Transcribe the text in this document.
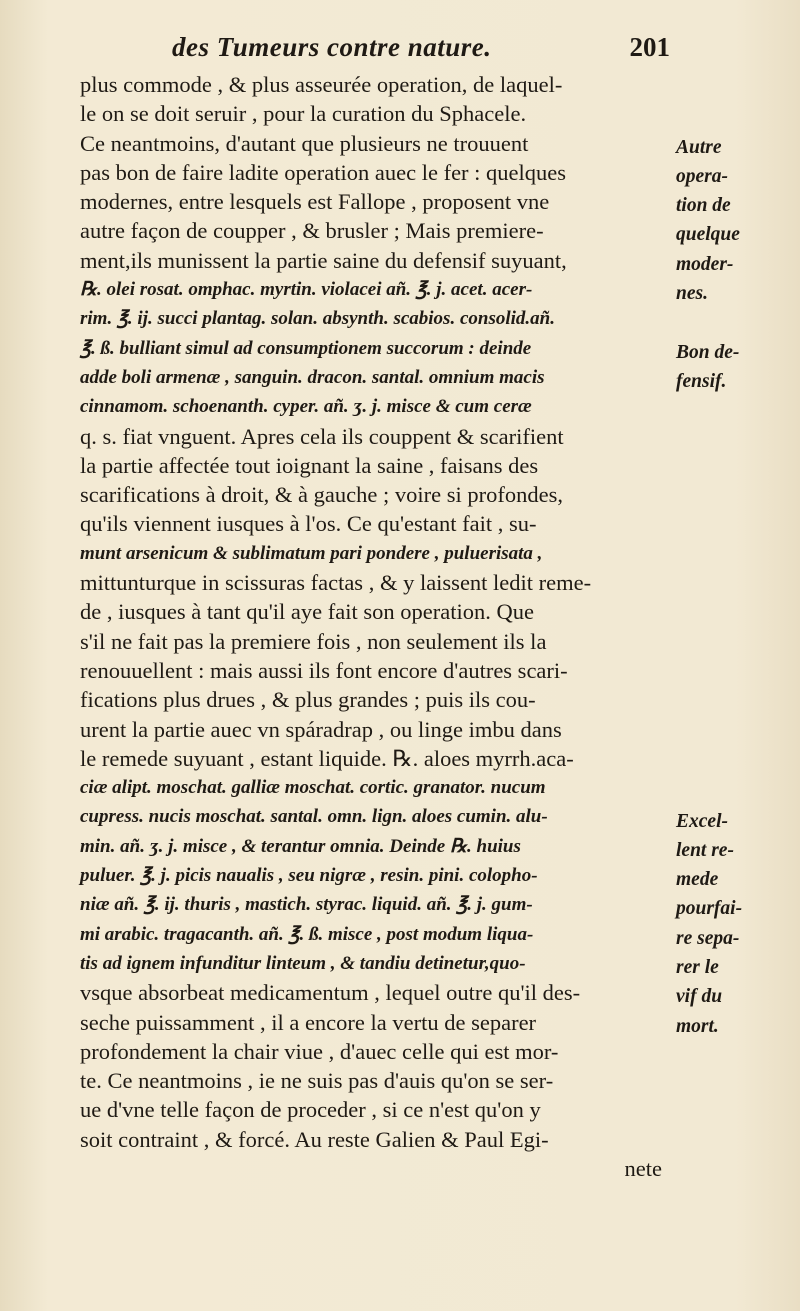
des Tumeurs contre nature.	201
plus commode , & plus asseurée operation, de laquel-
le on se doit seruir , pour la curation du Sphacele.
Ce neantmoins, d'autant que plusieurs ne trouuent
pas bon de faire ladite operation auec le fer : quelques
modernes, entre lesquels est Fallope , proposent vne
autre façon de coupper , & brusler ; Mais premiere-
ment,ils munissent la partie saine du defensif suyuant,
℞. olei rosat. omphac. myrtin. violacei añ. ℥. j. acet. acer-
rim. ℥. ij. succi plantag. solan. absynth. scabios. consolid.añ.
℥. ß. bulliant simul ad consumptionem succorum : deinde
adde boli armenæ , sanguin. dracon. santal. omnium macis
cinnamom. schoenanth. cyper. añ. ʒ. j. misce & cum ceræ
q. s. fiat vnguent. Apres cela ils couppent & scarifient
la partie affectée tout ioignant la saine , faisans des
scarifications à droit, & à gauche ; voire si profondes,
qu'ils viennent iusques à l'os. Ce qu'estant fait , su-
munt arsenicum & sublimatum pari pondere , puluerisata ,
mittunturque in scissuras factas , & y laissent ledit reme-
de , iusques à tant qu'il aye fait son operation. Que
s'il ne fait pas la premiere fois , non seulement ils la
renouuellent : mais aussi ils font encore d'autres scari-
fications plus drues , & plus grandes ; puis ils cou-
urent la partie auec vn spáradrap , ou linge imbu dans
le remede suyuant , estant liquide. ℞. aloes myrrh.aca-
ciæ alipt. moschat. galliæ moschat. cortic. granator. nucum
cupress. nucis moschat. santal. omn. lign. aloes cumin. alu-
min. añ. ʒ. j. misce , & terantur omnia. Deinde ℞. huius
puluer. ℥. j. picis naualis , seu nigræ , resin. pini. colopho-
niæ añ. ℥. ij. thuris , mastich. styrac. liquid. añ. ℥. j. gum-
mi arabic. tragacanth. añ. ℥. ß. misce , post modum liqua-
tis ad ignem infunditur linteum , & tandiu detinetur,quo-
vsque absorbeat medicamentum , lequel outre qu'il des-
seche puissamment , il a encore la vertu de separer
profondement la chair viue , d'auec celle qui est mor-
te. Ce neantmoins , ie ne suis pas d'auis qu'on se ser-
ue d'vne telle façon de proceder , si ce n'est qu'on y
soit contraint , & forcé. Au reste Galien & Paul Egi-
nete
Autre
opera-
tion de
quelque
moder-
nes.
Bon de-
fensif.
Excel-
lent re-
mede
pourfai-
re sepa-
rer le
vif du
mort.
